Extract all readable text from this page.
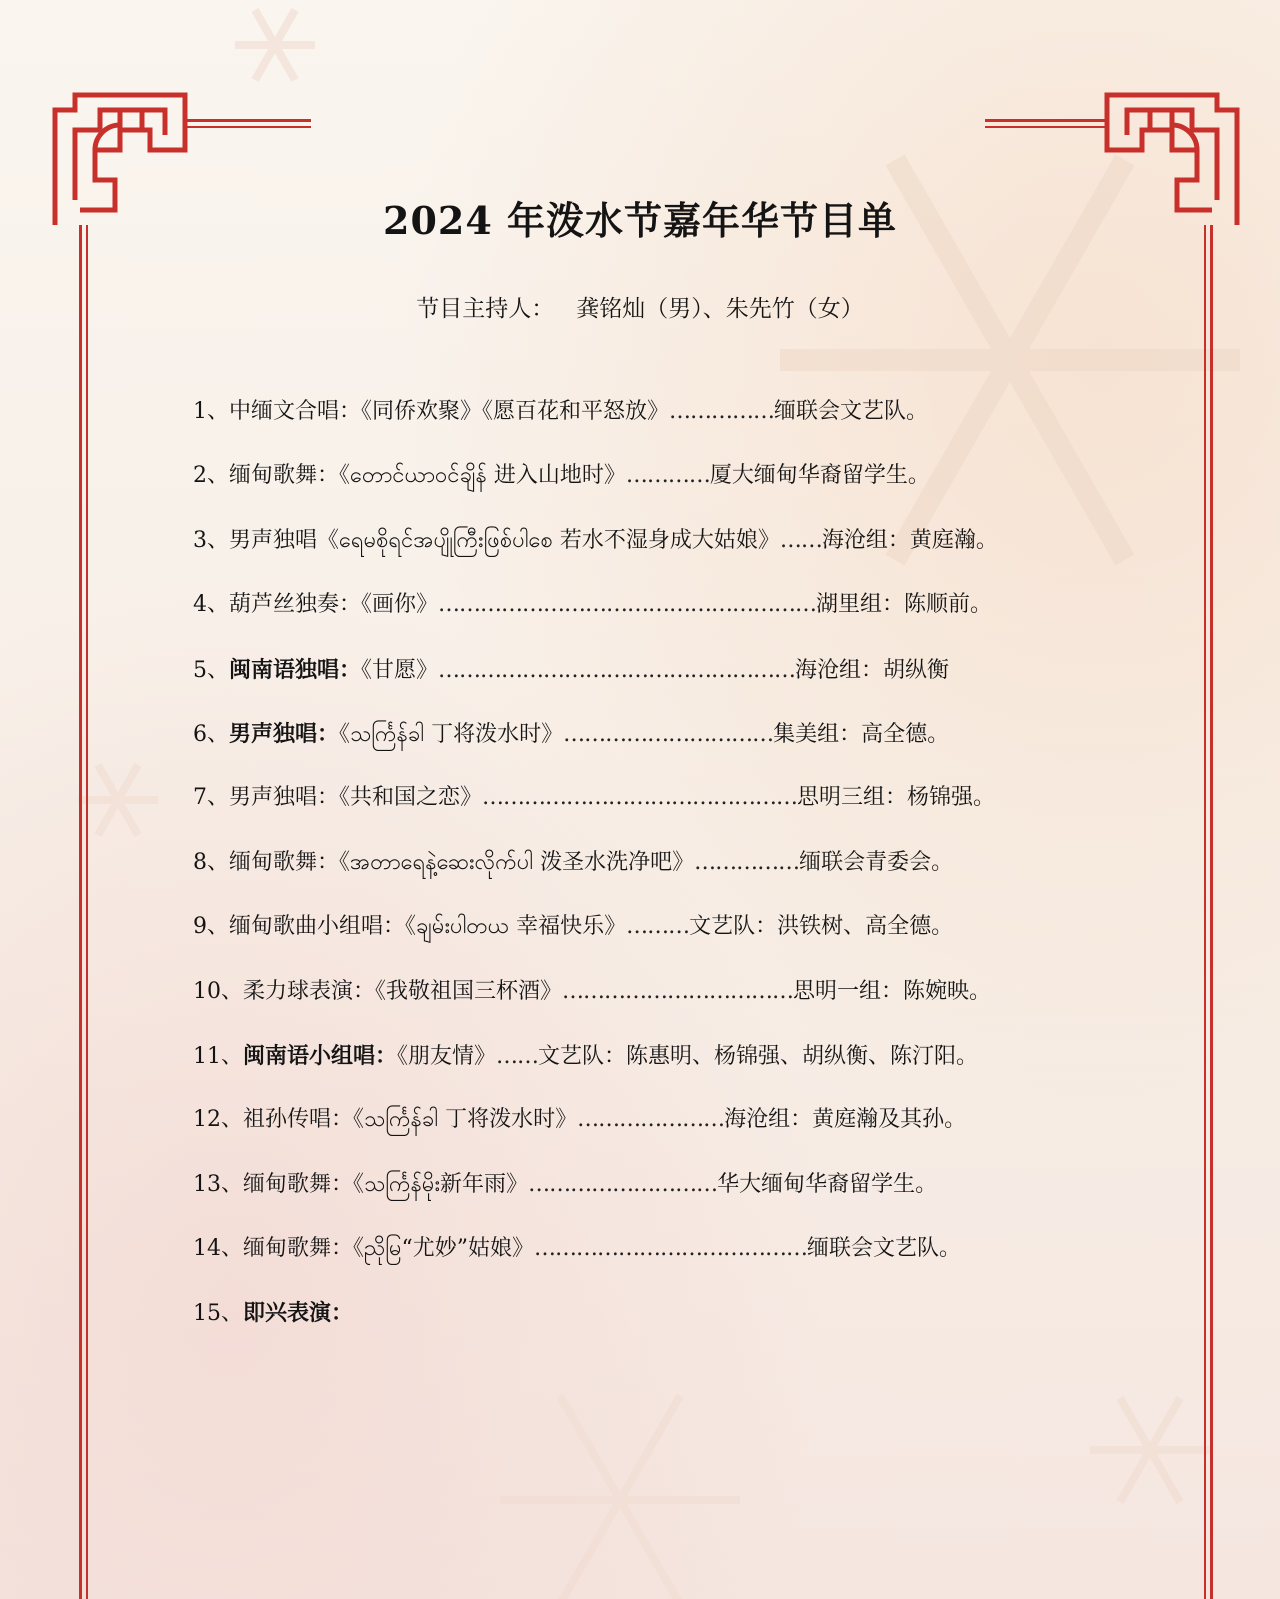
2024 年泼水节嘉年华节目单
节目主持人： 龚铭灿（男）、朱先竹（女）
1、中缅文合唱：《同侨欢聚》《愿百花和平怒放》……………缅联会文艺队。
2、缅甸歌舞：《တောင်ယာဝင်ချိန် 进入山地时》…………厦大缅甸华裔留学生。
3、男声独唱《ရေမစိုရင်အပျိုကြီးဖြစ်ပါစေ 若水不湿身成大姑娘》……海沧组：黄庭瀚。
4、葫芦丝独奏：《画你》………………………………………………湖里组：陈顺前。
5、闽南语独唱：《甘愿》……………………………………………海沧组：胡纵衡
6、男声独唱：《သင်္ကြန်ခါ 丁将泼水时》…………………………集美组：高全德。
7、男声独唱：《共和国之恋》………………………………………思明三组：杨锦强。
8、缅甸歌舞：《အတာရေနဲ့ဆေးလိုက်ပါ 泼圣水洗净吧》……………缅联会青委会。
9、缅甸歌曲小组唱：《ချမ်းပါတယ 幸福快乐》………文艺队：洪铁树、高全德。
10、柔力球表演：《我敬祖国三杯酒》……………………………思明一组：陈婉映。
11、闽南语小组唱：《朋友情》……文艺队：陈惠明、杨锦强、胡纵衡、陈汀阳。
12、祖孙传唱：《သင်္ကြန်ခါ 丁将泼水时》…………………海沧组：黄庭瀚及其孙。
13、缅甸歌舞：《သင်္ကြန်မိုး新年雨》………………………华大缅甸华裔留学生。
14、缅甸歌舞：《ညိုမြ“尤妙”姑娘》…………………………………缅联会文艺队。
15、即兴表演：
